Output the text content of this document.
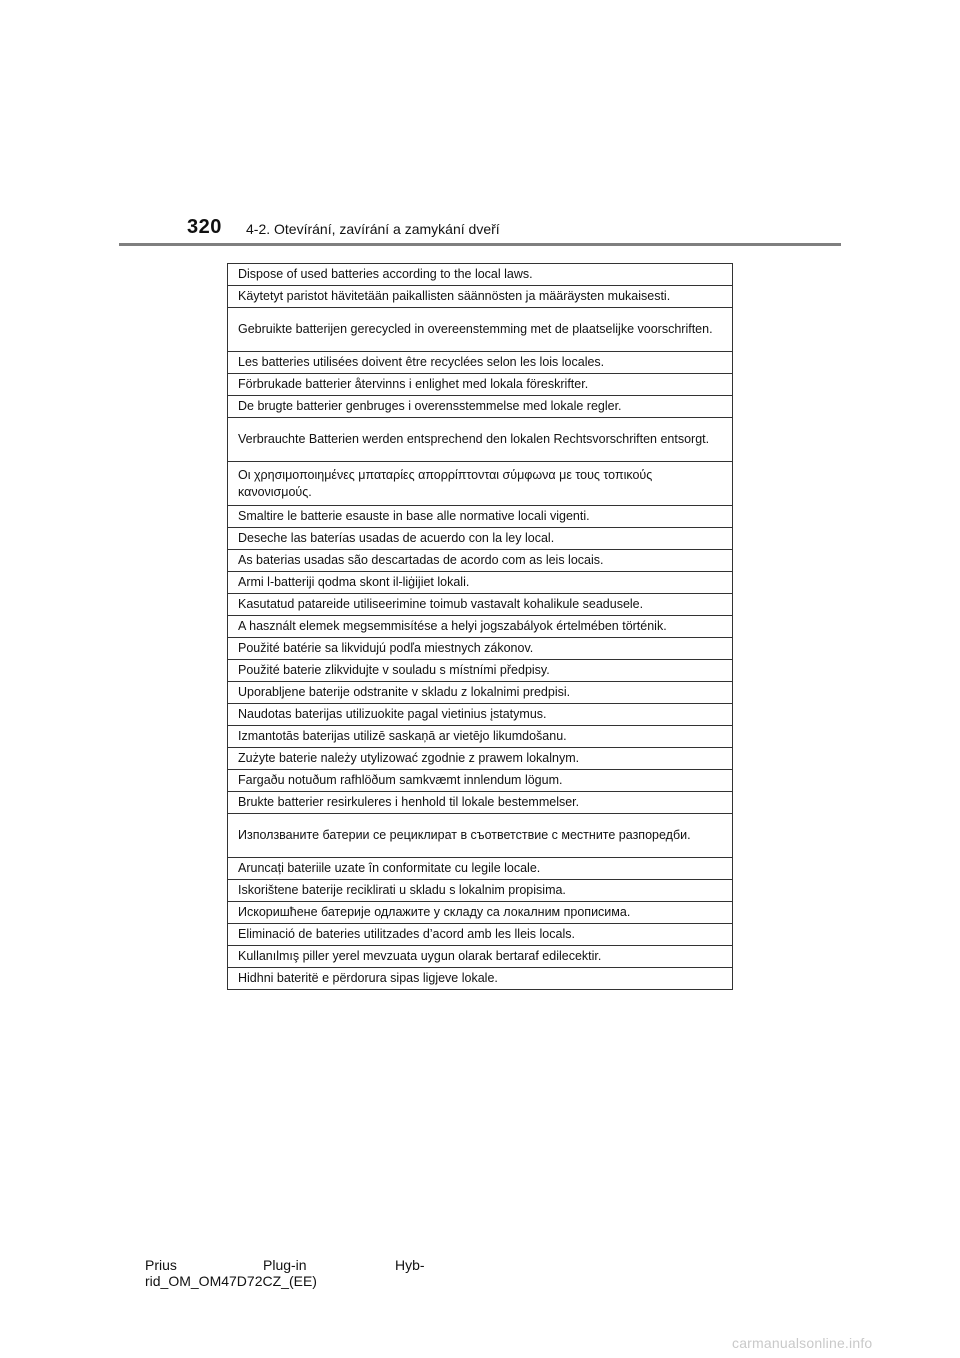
320 4-2. Otevírání, zavírání a zamykání dveří
Dispose of used batteries according to the local laws.
Käytetyt paristot hävitetään paikallisten säännösten ja määräysten mukaisesti.
Gebruikte batterijen gerecycled in overeenstemming met de plaatselijke voorschriften.
Les batteries utilisées doivent être recyclées selon les lois locales.
Förbrukade batterier återvinns i enlighet med lokala föreskrifter.
De brugte batterier genbruges i overensstemmelse med lokale regler.
Verbrauchte Batterien werden entsprechend den lokalen Rechtsvorschriften entsorgt.
Οι χρησιμοποιημένες μπαταρίες απορρίπτονται σύμφωνα με τους τοπικούς κανονισμούς.
Smaltire le batterie esauste in base alle normative locali vigenti.
Deseche las baterías usadas de acuerdo con la ley local.
As baterias usadas são descartadas de acordo com as leis locais.
Armi l-batteriji qodma skont il-liġijiet lokali.
Kasutatud patareide utiliseerimine toimub vastavalt kohalikule seadusele.
A használt elemek megsemmisítése a helyi jogszabályok értelmében történik.
Použité batérie sa likvidujú podľa miestnych zákonov.
Použité baterie zlikvidujte v souladu s místními předpisy.
Uporabljene baterije odstranite v skladu z lokalnimi predpisi.
Naudotas baterijas utilizuokite pagal vietinius įstatymus.
Izmantotās baterijas utilizē saskaņā ar vietējo likumdošanu.
Zużyte baterie należy utylizować zgodnie z prawem lokalnym.
Fargaðu notuðum rafhlöðum samkvæmt innlendum lögum.
Brukte batterier resirkuleres i henhold til lokale bestemmelser.
Използваните батерии се рециклират в съответствие с местните разпоредби.
Aruncați bateriile uzate în conformitate cu legile locale.
Iskorištene baterije reciklirati u skladu s lokalnim propisima.
Искоришћене батерије одлажите у складу са локалним прописима.
Eliminació de bateries utilitzades d’acord amb les lleis locals.
Kullanılmış piller yerel mevzuata uygun olarak bertaraf edilecektir.
Hidhni bateritë e përdorura sipas ligjeve lokale.
Prius	Plug-in	Hyb-
rid_OM_OM47D72CZ_(EE)
carmanualsonline.info
